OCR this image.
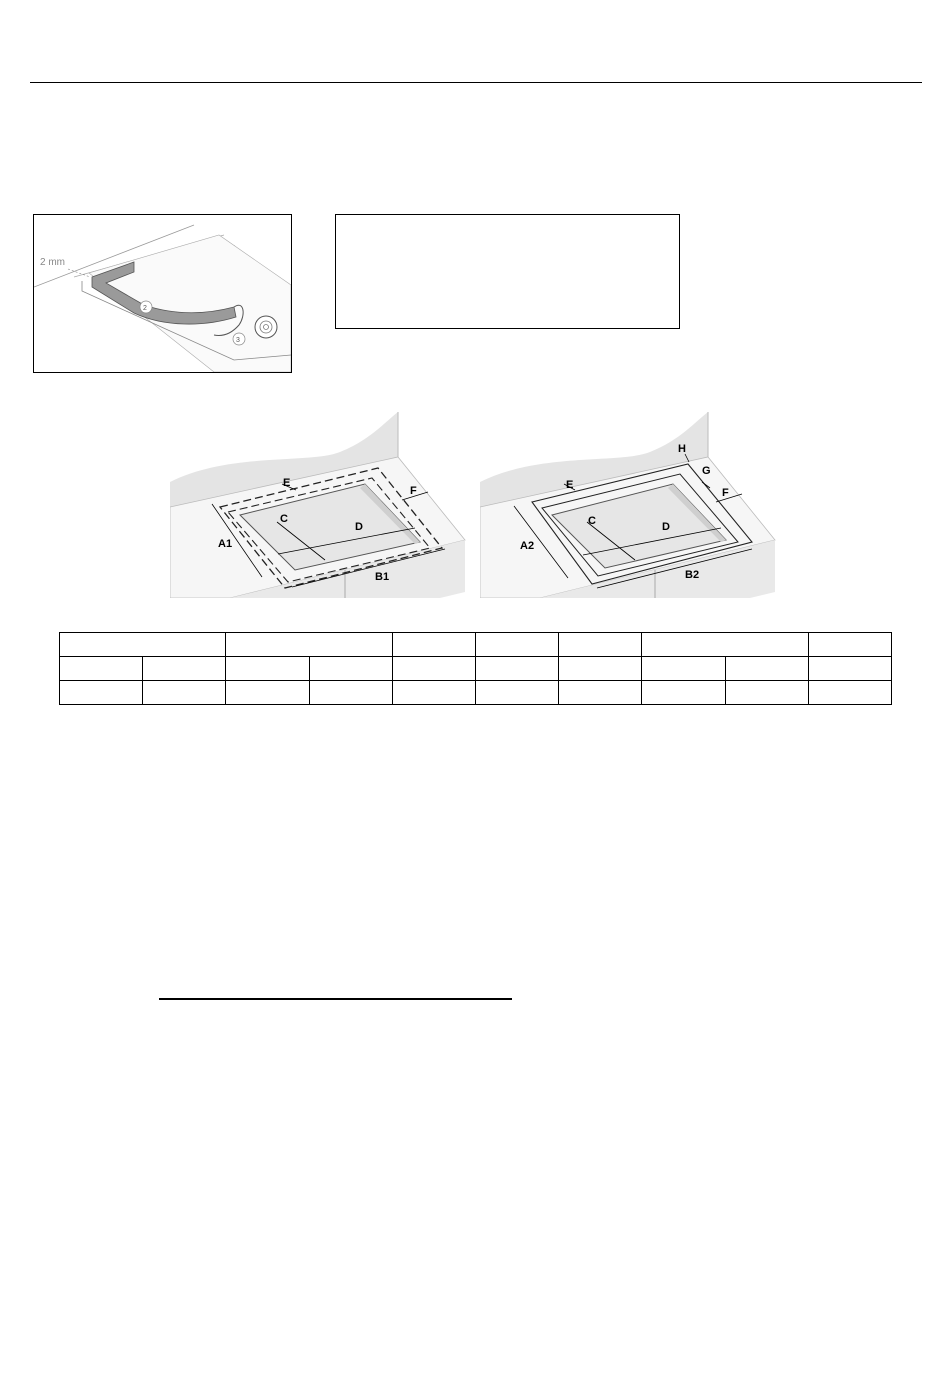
2 mm
2
3
A1
B1
C
D
E
F
A2
B2
C	D
E
F
G
H
